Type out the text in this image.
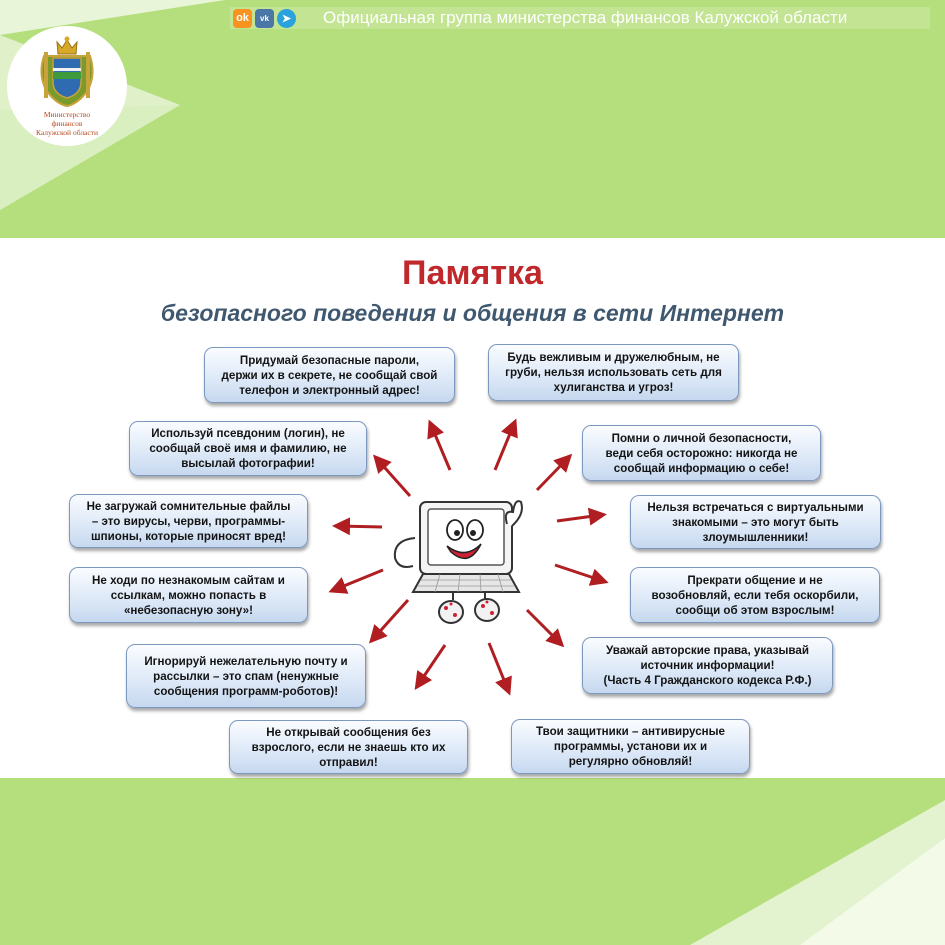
ok	vk	➤ Официальная группа министерства финансов Калужской области
Министерство
финансов
Калужской области
Памятка
безопасного поведения и общения в сети Интернет
Придумай безопасные пароли,
держи их в секрете, не сообщай свой
телефон и электронный адрес!
Будь вежливым и дружелюбным, не
груби, нельзя использовать сеть для
хулиганства и угроз!
Используй псевдоним (логин), не
сообщай своё имя и фамилию, не
высылай фотографии!
Помни о личной безопасности,
веди себя осторожно: никогда не
сообщай информацию о себе!
Не загружай сомнительные файлы
– это вирусы, черви, программы-
шпионы, которые приносят вред!
Нельзя встречаться с виртуальными
знакомыми – это могут быть
злоумышленники!
Не ходи по незнакомым сайтам и
ссылкам, можно попасть в
«небезопасную зону»!
Прекрати общение и не
возобновляй, если тебя оскорбили,
сообщи об этом взрослым!
Игнорируй нежелательную почту и
рассылки – это спам (ненужные
сообщения программ-роботов)!
Уважай авторские права, указывай
источник информации!
(Часть 4 Гражданского кодекса Р.Ф.)
Не открывай сообщения без
взрослого, если не знаешь кто их
отправил!
Твои защитники – антивирусные
программы, установи их и
регулярно обновляй!
